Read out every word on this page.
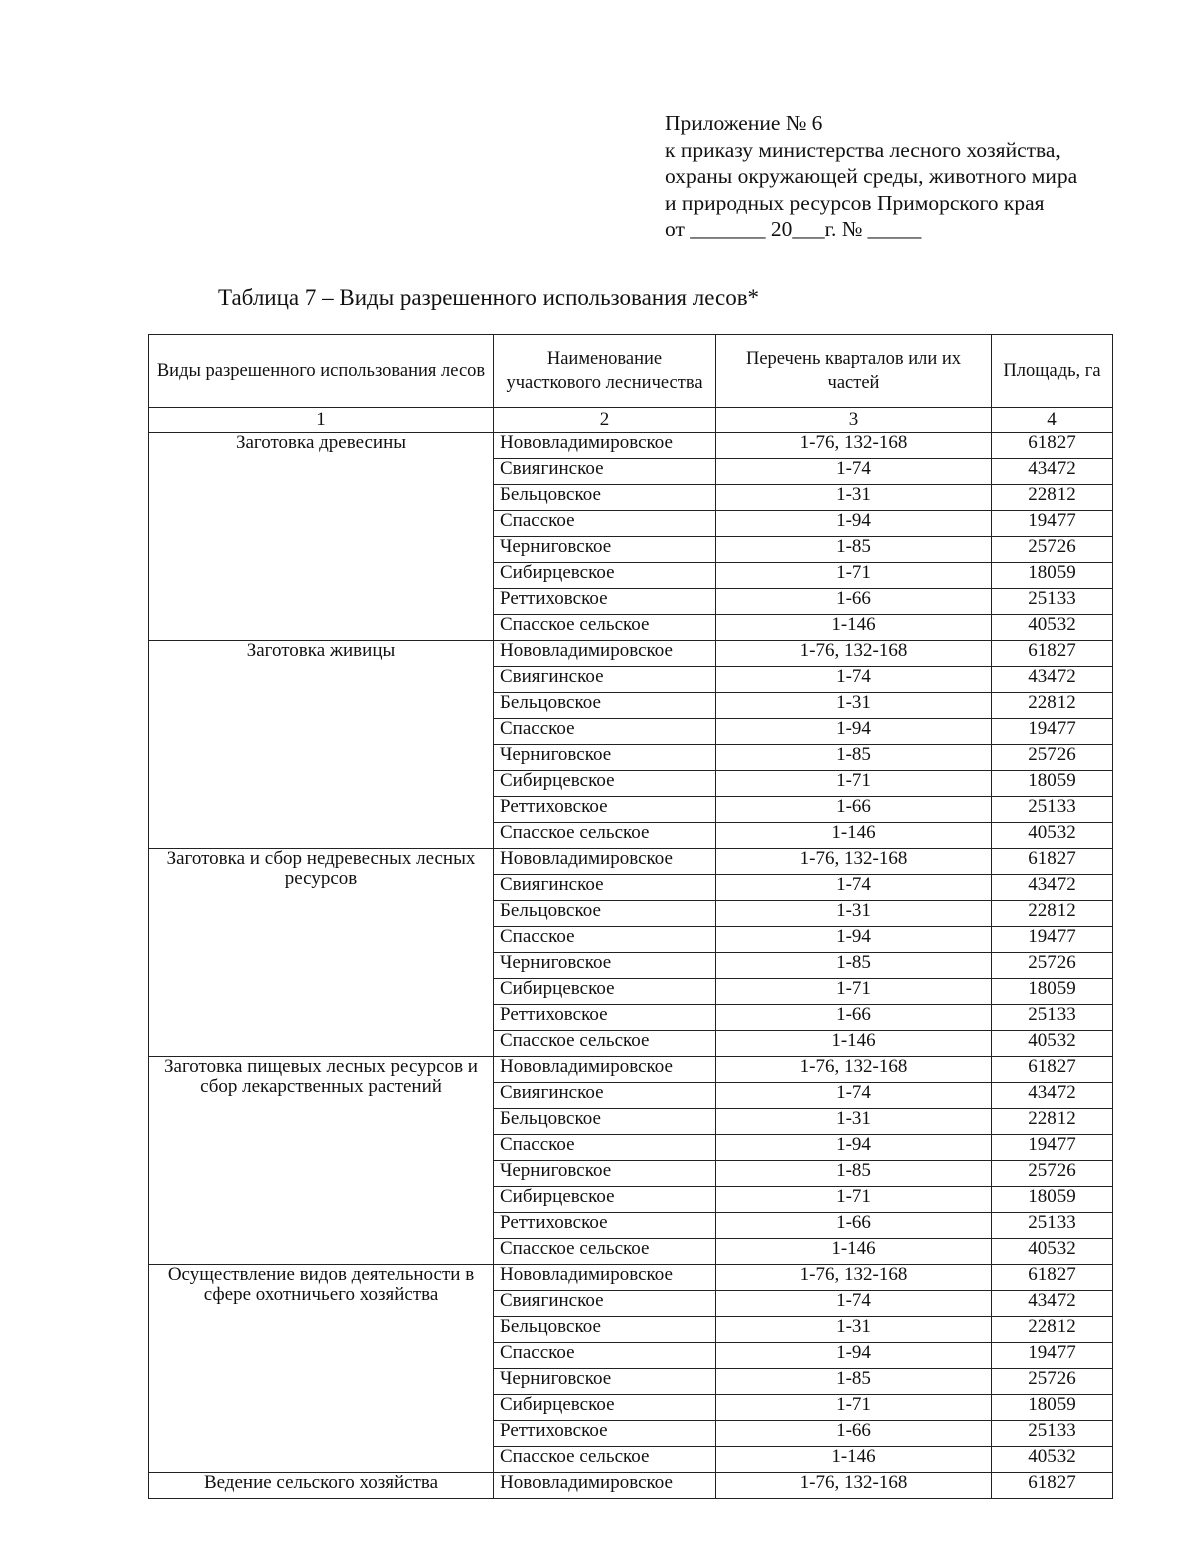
Приложение № 6
к приказу министерства лесного хозяйства,
охраны окружающей среды, животного мира
и природных ресурсов Приморского края
от _______ 20___г. № _____
Таблица 7 – Виды разрешенного использования лесов*
Виды разрешенного использования лесов	Наименование участкового лесничества	Перечень кварталов или их частей	Площадь, га
1	2	3	4
Заготовка древесины	Нововладимировское	1-76, 132-168	61827
	Свиягинское	1-74	43472
	Бельцовское	1-31	22812
	Спасское	1-94	19477
	Черниговское	1-85	25726
	Сибирцевское	1-71	18059
	Реттиховское	1-66	25133
	Спасское сельское	1-146	40532
Заготовка живицы	Нововладимировское	1-76, 132-168	61827
	Свиягинское	1-74	43472
	Бельцовское	1-31	22812
	Спасское	1-94	19477
	Черниговское	1-85	25726
	Сибирцевское	1-71	18059
	Реттиховское	1-66	25133
	Спасское сельское	1-146	40532
Заготовка и сбор недревесных лесных ресурсов	Нововладимировское	1-76, 132-168	61827
	Свиягинское	1-74	43472
	Бельцовское	1-31	22812
	Спасское	1-94	19477
	Черниговское	1-85	25726
	Сибирцевское	1-71	18059
	Реттиховское	1-66	25133
	Спасское сельское	1-146	40532
Заготовка пищевых лесных ресурсов и сбор лекарственных растений	Нововладимировское	1-76, 132-168	61827
	Свиягинское	1-74	43472
	Бельцовское	1-31	22812
	Спасское	1-94	19477
	Черниговское	1-85	25726
	Сибирцевское	1-71	18059
	Реттиховское	1-66	25133
	Спасское сельское	1-146	40532
Осуществление видов деятельности в сфере охотничьего хозяйства	Нововладимировское	1-76, 132-168	61827
	Свиягинское	1-74	43472
	Бельцовское	1-31	22812
	Спасское	1-94	19477
	Черниговское	1-85	25726
	Сибирцевское	1-71	18059
	Реттиховское	1-66	25133
	Спасское сельское	1-146	40532
Ведение сельского хозяйства	Нововладимировское	1-76, 132-168	61827
